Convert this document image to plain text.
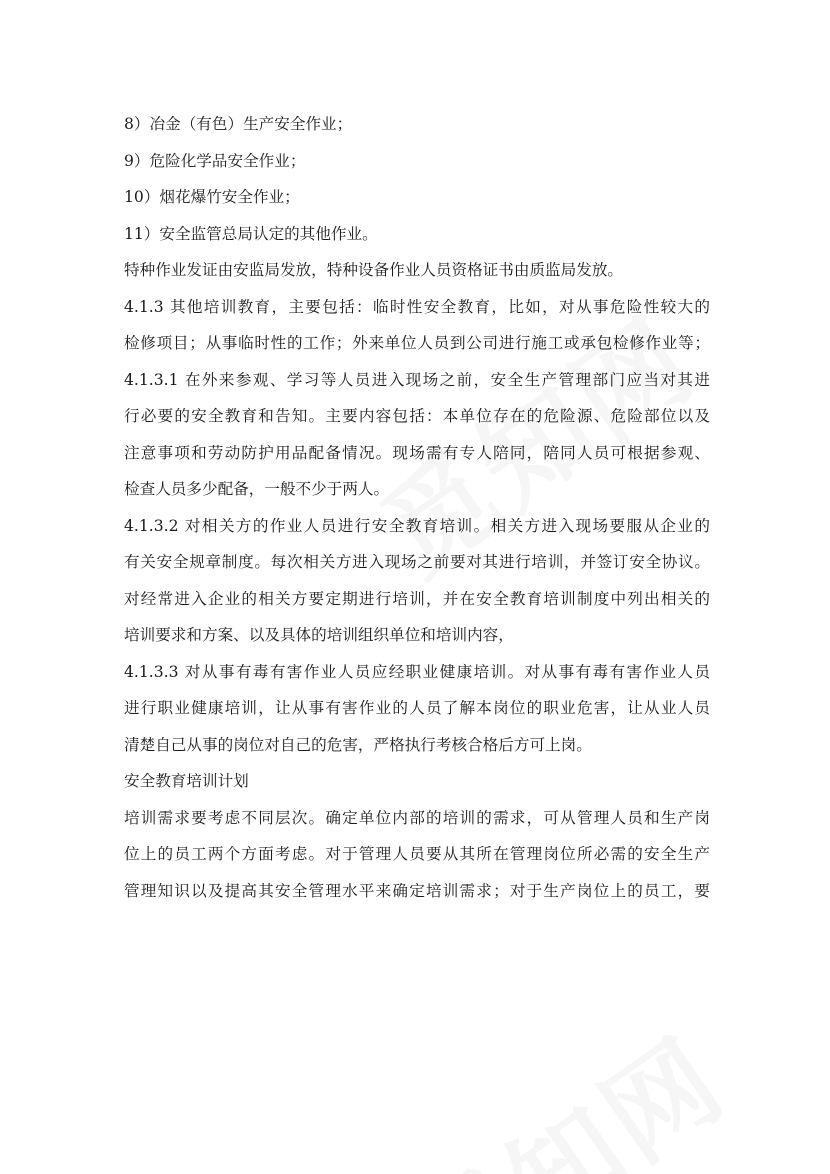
8）冶金（有色）生产安全作业；
9）危险化学品安全作业；
10）烟花爆竹安全作业；
11）安全监管总局认定的其他作业。
特种作业发证由安监局发放，特种设备作业人员资格证书由质监局发放。
4.1.3 其他培训教育，主要包括：临时性安全教育，比如，对从事危险性较大的
检修项目；从事临时性的工作；外来单位人员到公司进行施工或承包检修作业等；
4.1.3.1 在外来参观、学习等人员进入现场之前，安全生产管理部门应当对其进
行必要的安全教育和告知。主要内容包括：本单位存在的危险源、危险部位以及
注意事项和劳动防护用品配备情况。现场需有专人陪同，陪同人员可根据参观、
检查人员多少配备，一般不少于两人。
4.1.3.2 对相关方的作业人员进行安全教育培训。相关方进入现场要服从企业的
有关安全规章制度。每次相关方进入现场之前要对其进行培训，并签订安全协议。
对经常进入企业的相关方要定期进行培训，并在安全教育培训制度中列出相关的
培训要求和方案、以及具体的培训组织单位和培训内容，
4.1.3.3 对从事有毒有害作业人员应经职业健康培训。对从事有毒有害作业人员
进行职业健康培训，让从事有害作业的人员了解本岗位的职业危害，让从业人员
清楚自己从事的岗位对自己的危害，严格执行考核合格后方可上岗。
安全教育培训计划
培训需求要考虑不同层次。确定单位内部的培训的需求，可从管理人员和生产岗
位上的员工两个方面考虑。对于管理人员要从其所在管理岗位所必需的安全生产
管理知识以及提高其安全管理水平来确定培训需求；对于生产岗位上的员工，要
